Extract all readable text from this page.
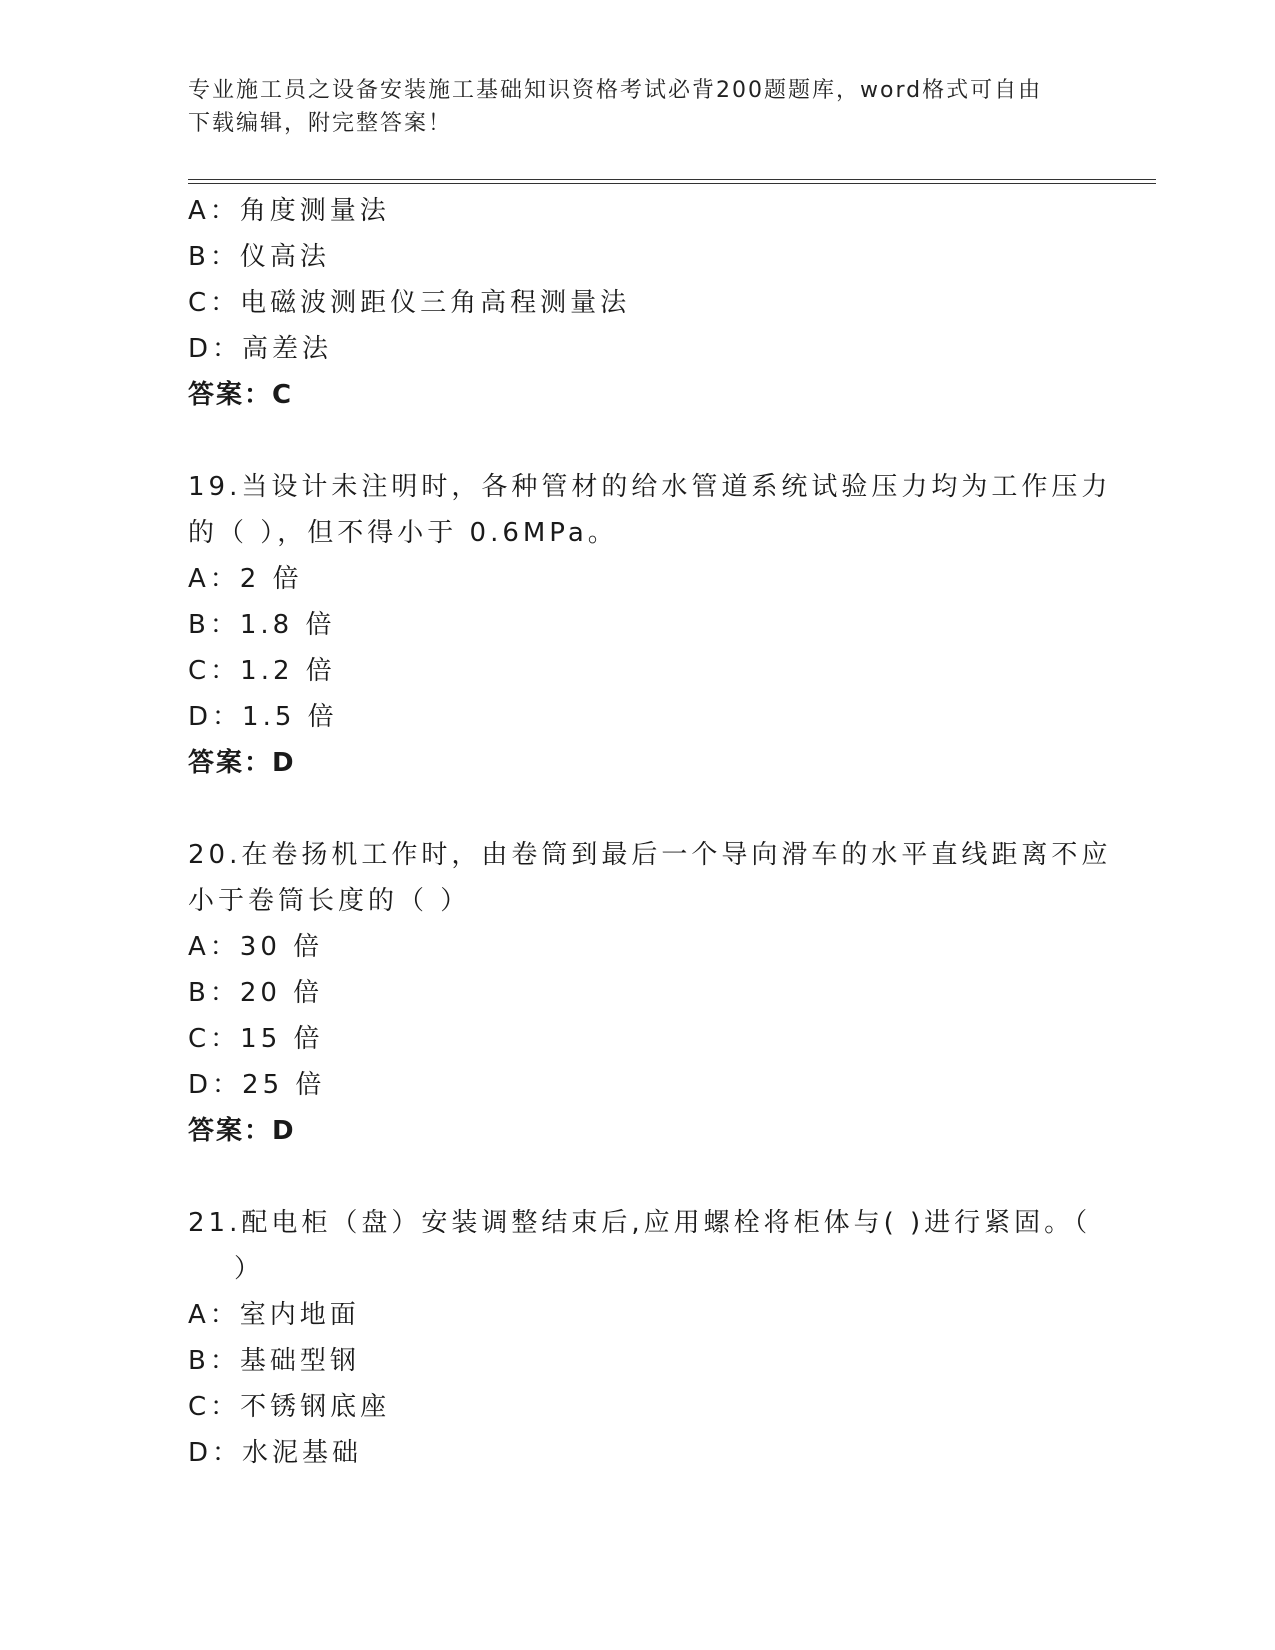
专业施工员之设备安装施工基础知识资格考试必背200题题库，word格式可自由
下载编辑，附完整答案！
A：角度测量法
B：仪高法
C：电磁波测距仪三角高程测量法
D：高差法
答案：C
19.当设计未注明时，各种管材的给水管道系统试验压力均为工作压力
的（ ），但不得小于 0.6MPa。
A：2 倍
B：1.8 倍
C：1.2 倍
D：1.5 倍
答案：D
20.在卷扬机工作时，由卷筒到最后一个导向滑车的水平直线距离不应
小于卷筒长度的（ ）
A：30 倍
B：20 倍
C：15 倍
D：25 倍
答案：D
21.配电柜（盘）安装调整结束后,应用螺栓将柜体与( )进行紧固。（
）
A：室内地面
B：基础型钢
C：不锈钢底座
D：水泥基础
